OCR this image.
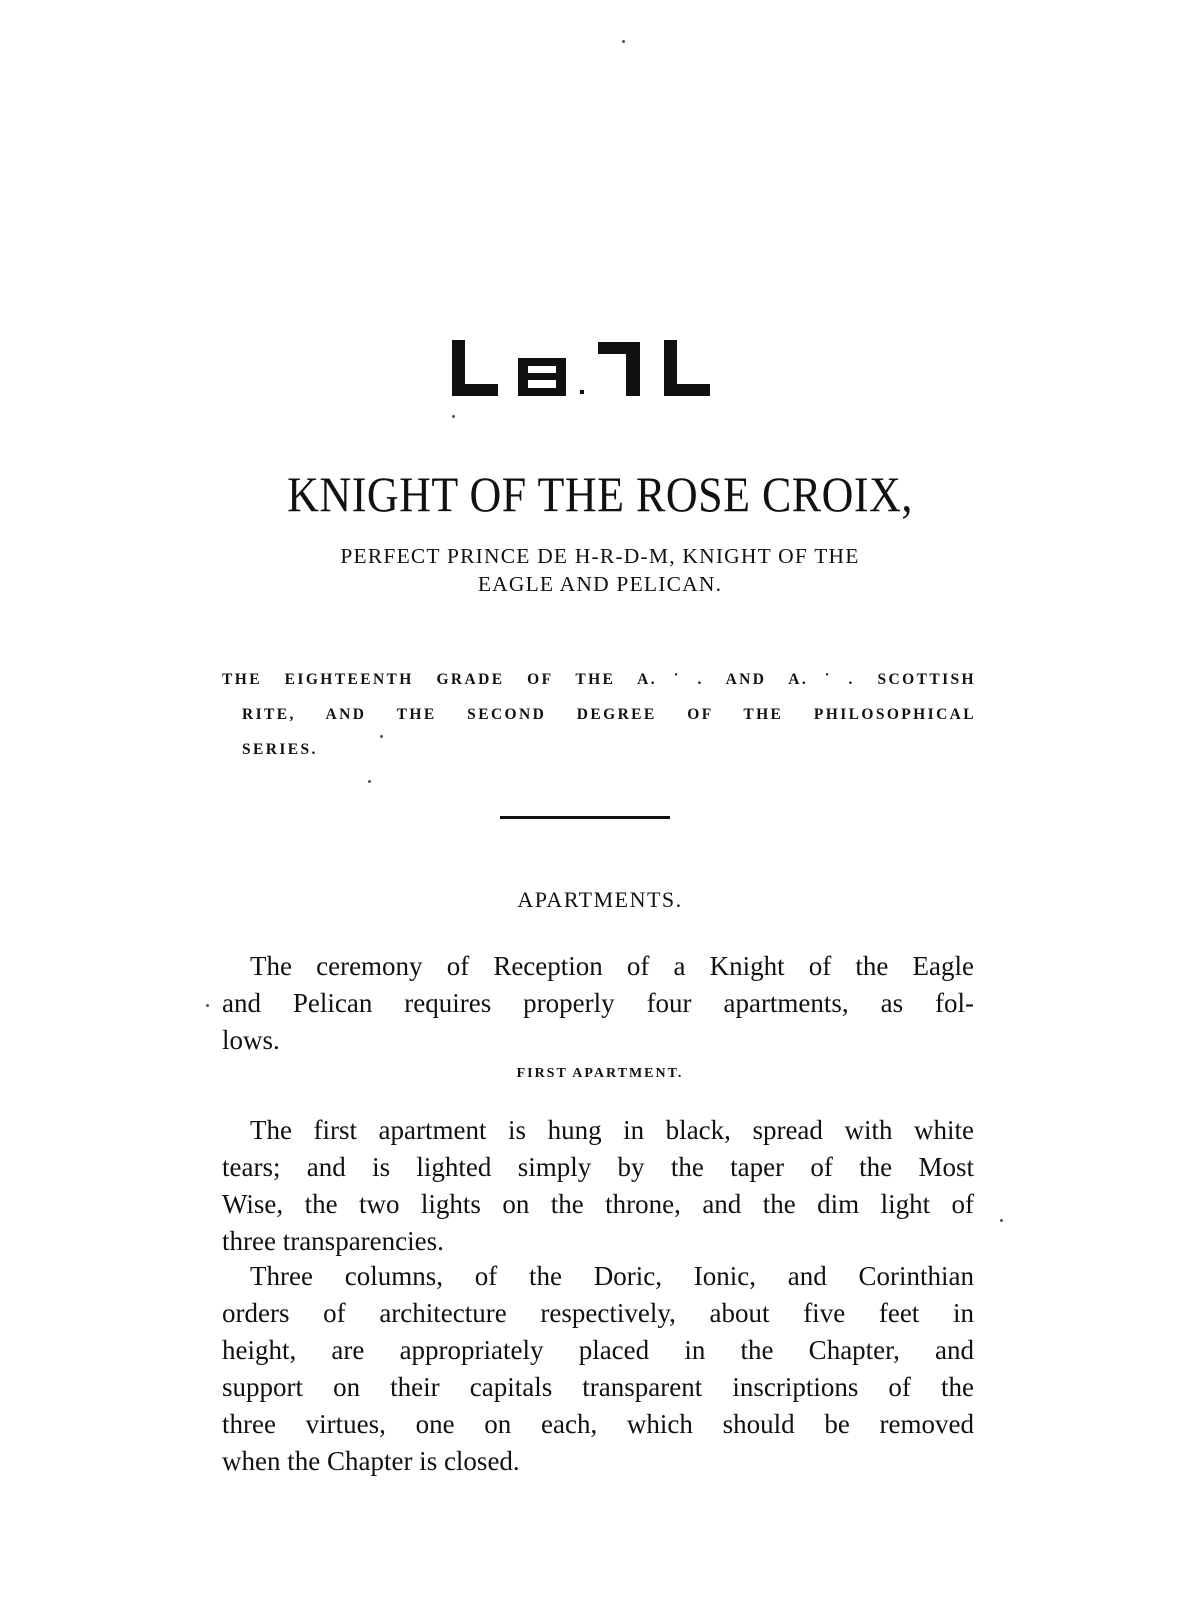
KNIGHT OF THE ROSE CROIX,
PERFECT PRINCE DE H-R-D-M, KNIGHT OF THE
EAGLE AND PELICAN.
THE EIGHTEENTH GRADE OF THE A.˙. AND A.˙. SCOTTISH
RITE, AND THE SECOND DEGREE OF THE PHILOSOPHICAL
SERIES.
APARTMENTS.
The ceremony of Reception of a Knight of the Eagle
and Pelican requires properly four apartments, as fol-
lows.
FIRST APARTMENT.
The first apartment is hung in black, spread with white
tears; and is lighted simply by the taper of the Most
Wise, the two lights on the throne, and the dim light of
three transparencies.
Three columns, of the Doric, Ionic, and Corinthian
orders of architecture respectively, about five feet in
height, are appropriately placed in the Chapter, and
support on their capitals transparent inscriptions of the
three virtues, one on each, which should be removed
when the Chapter is closed.
